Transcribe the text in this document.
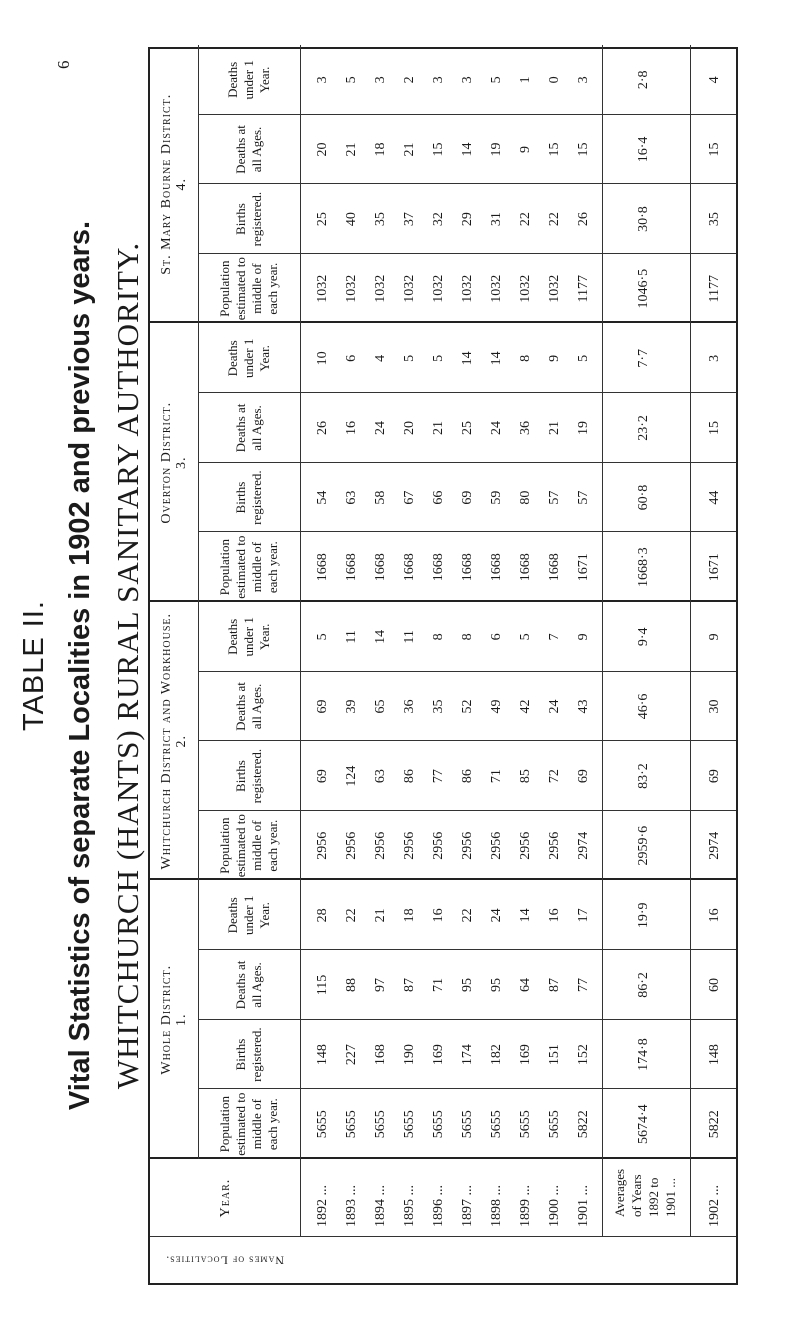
TABLE II. Vital Statistics of separate Localities in 1902 and previous years. WHITCHURCH (HANTS) RURAL SANITARY AUTHORITY.
6
Names of Localities.
Year.
Whole District. 1.
Whitchurch District and Workhouse. 2.
Overton District. 3.
St. Mary Bourne District. 4.
Population estimated to middle of each year.
Births registered.
Deaths at all Ages.
Deaths under 1 Year.
Population estimated to middle of each year.
Births registered.
Deaths at all Ages.
Deaths under 1 Year.
Population estimated to middle of each year.
Births registered.
Deaths at all Ages.
Deaths under 1 Year.
Population estimated to middle of each year.
Births registered.
Deaths at all Ages.
Deaths under 1 Year.
1892 ...
5655
148
115
28
2956
69
69
5
1668
54
26
10
1032
25
20
3
1893 ...
5655
227
88
22
2956
124
39
11
1668
63
16
6
1032
40
21
5
1894 ...
5655
168
97
21
2956
63
65
14
1668
58
24
4
1032
35
18
3
1895 ...
5655
190
87
18
2956
86
36
11
1668
67
20
5
1032
37
21
2
1896 ...
5655
169
71
16
2956
77
35
8
1668
66
21
5
1032
32
15
3
1897 ...
5655
174
95
22
2956
86
52
8
1668
69
25
14
1032
29
14
3
1898 ...
5655
182
95
24
2956
71
49
6
1668
59
24
14
1032
31
19
5
1899 ...
5655
169
64
14
2956
85
42
5
1668
80
36
8
1032
22
9
1
1900 ...
5655
151
87
16
2956
72
24
7
1668
57
21
9
1032
22
15
0
1901 ...
5822
152
77
17
2974
69
43
9
1671
57
19
5
1177
26
15
3
Averages of Years 1892 to 1901 ...
5674·4
174·8
86·2
19·9
2959·6
83·2
46·6
9·4
1668·3
60·8
23·2
7·7
1046·5
30·8
16·4
2·8
1902 ...
5822
148
60
16
2974
69
30
9
1671
44
15
3
1177
35
15
4
